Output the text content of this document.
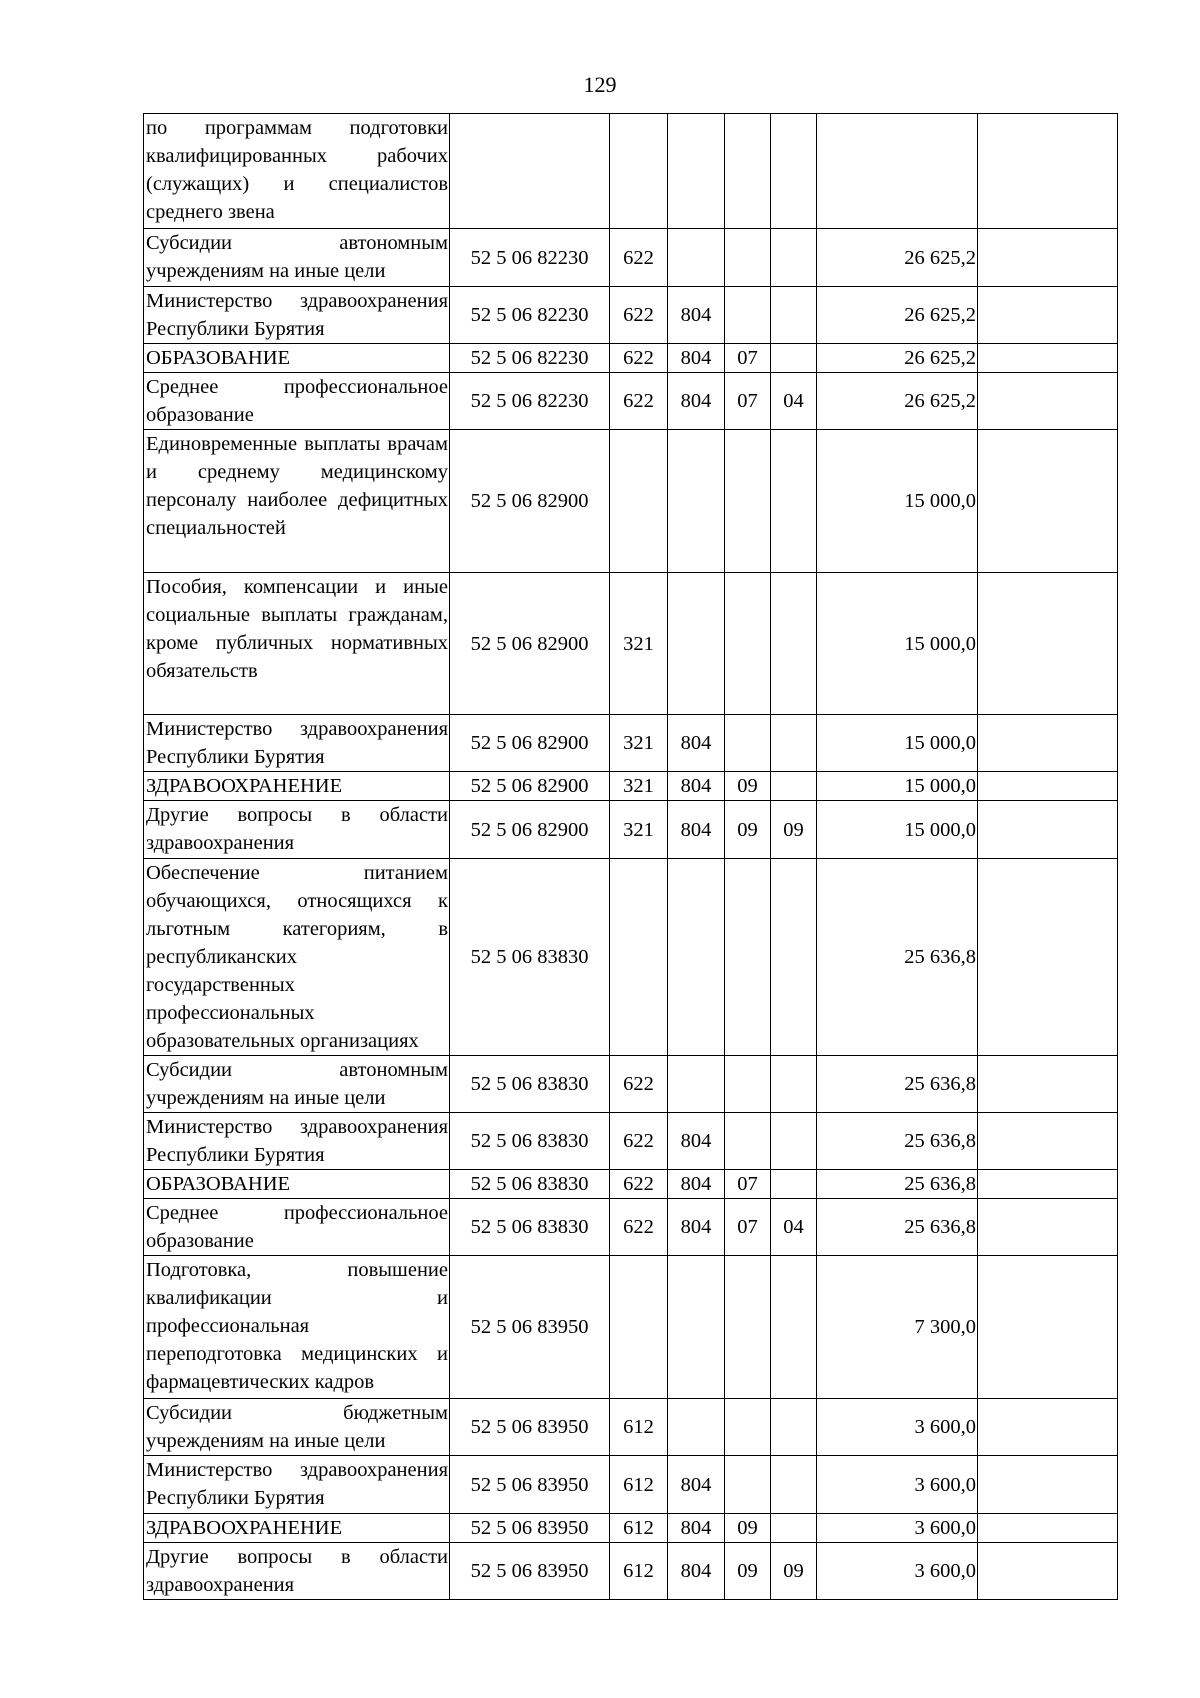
129
по программам подготовки квалифицированных рабочих (служащих) и специалистов среднего звена							
Субсидии автономным учреждениям на иные цели	52 5 06 82230	622				26 625,2	
Министерство здравоохранения Республики Бурятия	52 5 06 82230	622	804			26 625,2	
ОБРАЗОВАНИЕ	52 5 06 82230	622	804	07		26 625,2	
Среднее профессиональное образование	52 5 06 82230	622	804	07	04	26 625,2	
Единовременные выплаты врачам и среднему медицинскому персоналу наиболее дефицитных специальностей	52 5 06 82900					15 000,0	
Пособия, компенсации и иные социальные выплаты гражданам, кроме публичных нормативных обязательств	52 5 06 82900	321				15 000,0	
Министерство здравоохранения Республики Бурятия	52 5 06 82900	321	804			15 000,0	
ЗДРАВООХРАНЕНИЕ	52 5 06 82900	321	804	09		15 000,0	
Другие вопросы в области здравоохранения	52 5 06 82900	321	804	09	09	15 000,0	
Обеспечение питанием обучающихся, относящихся к льготным категориям, в республиканских государственных профессиональных образовательных организациях	52 5 06 83830					25 636,8	
Субсидии автономным учреждениям на иные цели	52 5 06 83830	622				25 636,8	
Министерство здравоохранения Республики Бурятия	52 5 06 83830	622	804			25 636,8	
ОБРАЗОВАНИЕ	52 5 06 83830	622	804	07		25 636,8	
Среднее профессиональное образование	52 5 06 83830	622	804	07	04	25 636,8	
Подготовка, повышение квалификации и профессиональная переподготовка медицинских и фармацевтических кадров	52 5 06 83950					7 300,0	
Субсидии бюджетным учреждениям на иные цели	52 5 06 83950	612				3 600,0	
Министерство здравоохранения Республики Бурятия	52 5 06 83950	612	804			3 600,0	
ЗДРАВООХРАНЕНИЕ	52 5 06 83950	612	804	09		3 600,0	
Другие вопросы в области здравоохранения	52 5 06 83950	612	804	09	09	3 600,0	
